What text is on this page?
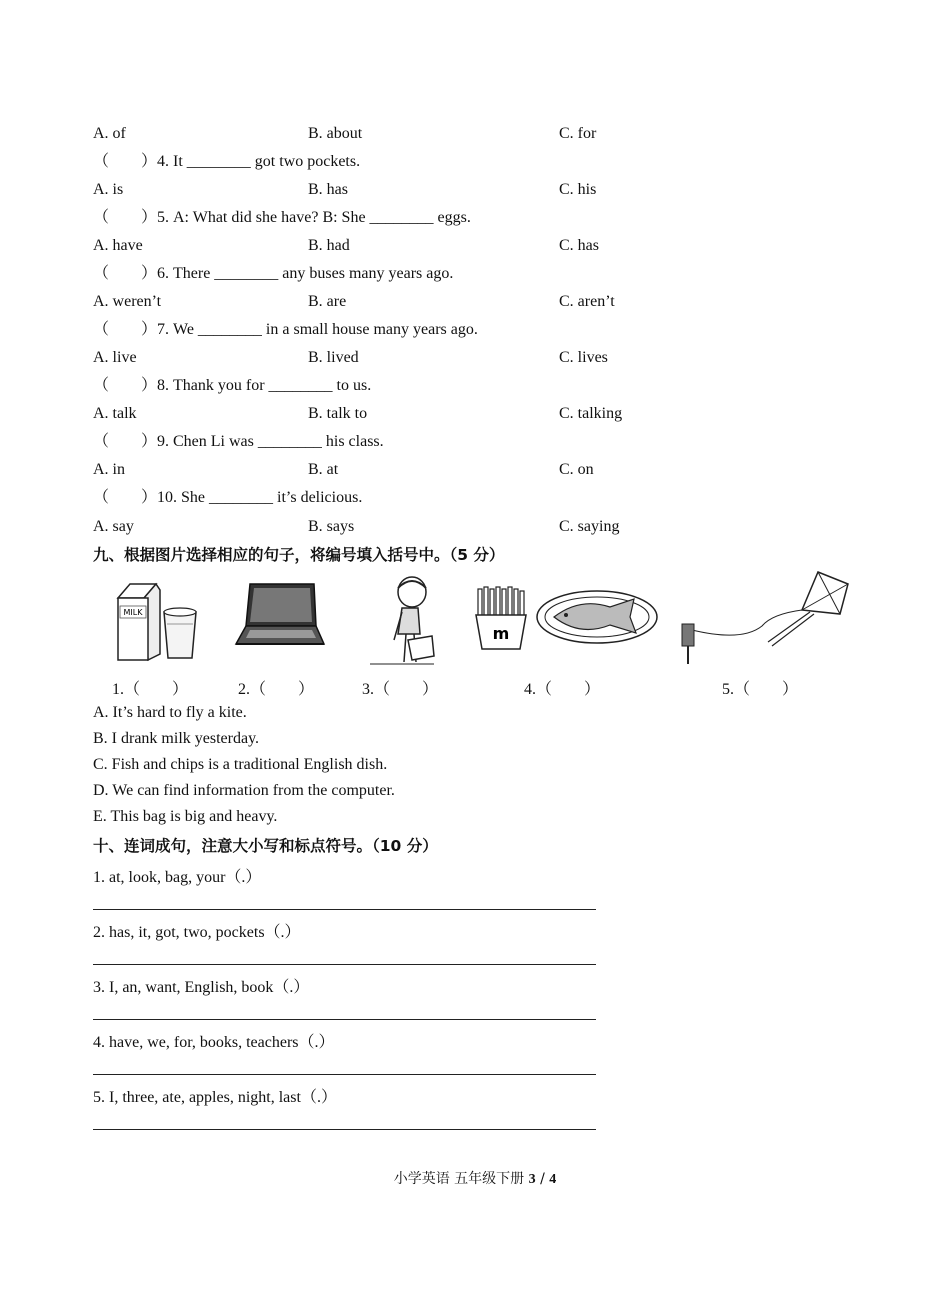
A. of	B. about	C. for
（　　）4. It ________ got two pockets.
A. is	B. has	C. his
（　　）5. A: What did she have? B: She ________ eggs.
A. have	B. had	C. has
（　　）6. There ________ any buses many years ago.
A. weren’t	B. are	C. aren’t
（　　）7. We ________ in a small house many years ago.
A. live	B. lived	C. lives
（　　）8. Thank you for ________ to us.
A. talk	B. talk to	C. talking
（　　）9. Chen Li was ________ his class.
A. in	B. at	C. on
（　　）10. She ________ it’s delicious.
A. say	B. says	C. saying
九、根据图片选择相应的句子，将编号填入括号中。（5 分）
MILK
m
1.（　　）	2.（　　）	3.（　　）	4.（　　）	5.（　　）
A. It’s hard to fly a kite.
B. I drank milk yesterday.
C. Fish and chips is a traditional English dish.
D. We can find information from the computer.
E. This bag is big and heavy.
十、连词成句，注意大小写和标点符号。（10 分）
1. at, look, bag, your（.）
2. has, it, got, two, pockets（.）
3. I, an, want, English, book（.）
4. have, we, for, books, teachers（.）
5. I, three, ate, apples, night, last（.）
小学英语 五年级下册 3 / 4
